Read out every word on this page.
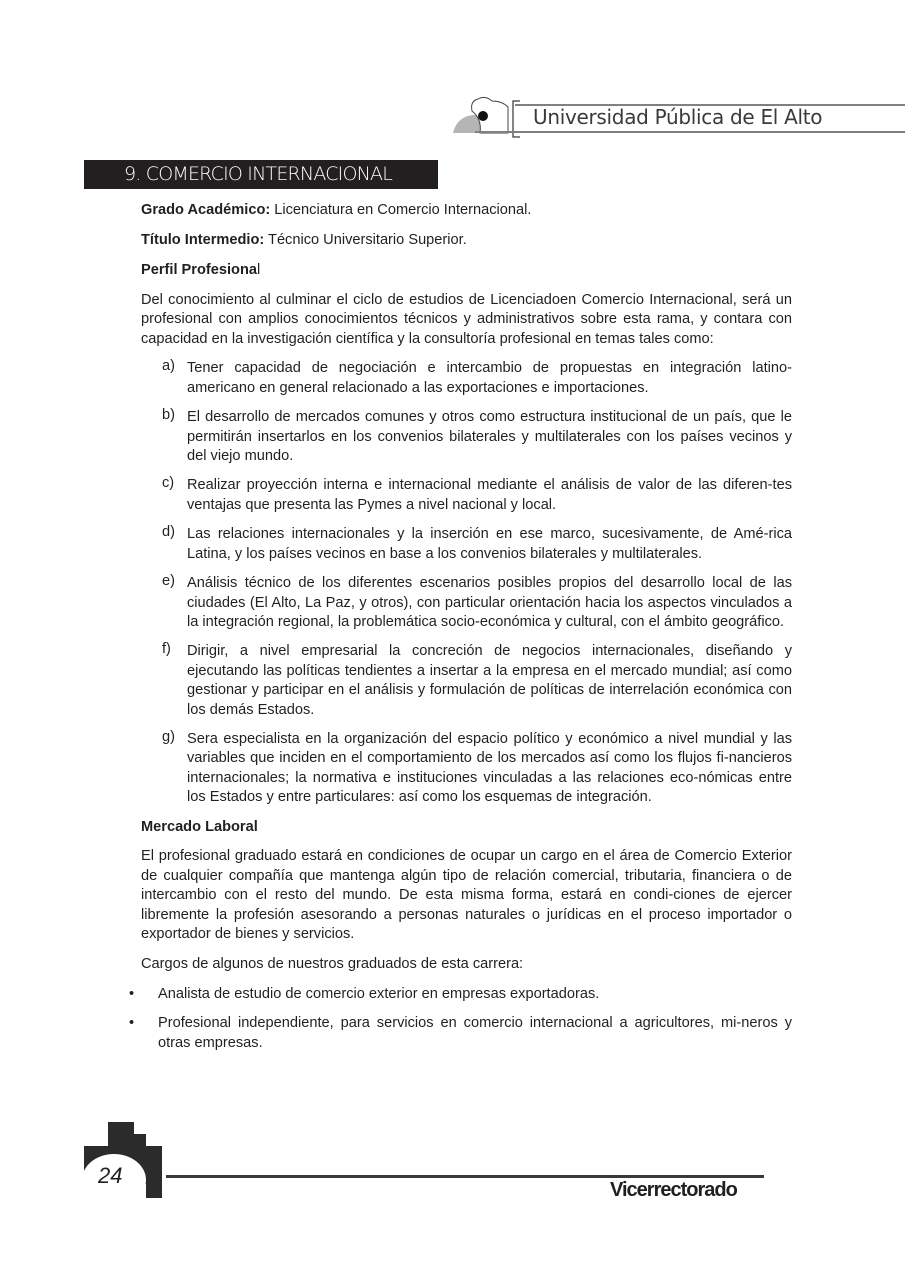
Universidad Pública de El Alto
9. COMERCIO INTERNACIONAL

Grado Académico: Licenciatura en Comercio Internacional.

Título Intermedio: Técnico Universitario Superior.

Perfil Profesional

Del conocimiento al culminar el ciclo de estudios de Licenciadoen Comercio Internacional, será un profesional con amplios conocimientos técnicos y administrativos sobre esta rama, y contara con capacidad en la investigación científica y la consultoría profesional en temas tales como:

a) Tener capacidad de negociación e intercambio de propuestas en integración latino-americano en general relacionado a las exportaciones e importaciones.
b) El desarrollo de mercados comunes y otros como estructura institucional de un país, que le permitirán insertarlos en los convenios bilaterales y multilaterales con los países vecinos y del viejo mundo.
c) Realizar proyección interna e internacional mediante el análisis de valor de las diferen-tes ventajas que presenta las Pymes a nivel nacional y local.
d) Las relaciones internacionales y la inserción en ese marco, sucesivamente, de Amé-rica Latina, y los países vecinos en base a los convenios bilaterales y multilaterales.
e) Análisis técnico de los diferentes escenarios posibles propios del desarrollo local de las ciudades (El Alto, La Paz, y otros), con particular orientación hacia los aspectos vinculados a la integración regional, la problemática socio-económica y cultural, con el ámbito geográfico.
f) Dirigir, a nivel empresarial la concreción de negocios internacionales, diseñando y ejecutando las políticas tendientes a insertar a la empresa en el mercado mundial; así como gestionar y participar en el análisis y formulación de políticas de interrelación económica con los demás Estados.
g) Sera especialista en la organización del espacio político y económico a nivel mundial y las variables que inciden en el comportamiento de los mercados así como los flujos fi-nancieros internacionales; la normativa e instituciones vinculadas a las relaciones eco-nómicas entre los Estados y entre particulares: así como los esquemas de integración.

Mercado Laboral

El profesional graduado estará en condiciones de ocupar un cargo en el área de Comercio Exterior de cualquier compañía que mantenga algún tipo de relación comercial, tributaria, financiera o de intercambio con el resto del mundo. De esta misma forma, estará en condi-ciones de ejercer libremente la profesión asesorando a personas naturales o jurídicas en el proceso importador o exportador de bienes y servicios.

Cargos de algunos de nuestros graduados de esta carrera:

• Analista de estudio de comercio exterior en empresas exportadoras.
• Profesional independiente, para servicios en comercio internacional a agricultores, mi-neros y otras empresas.
24
Vicerrectorado
